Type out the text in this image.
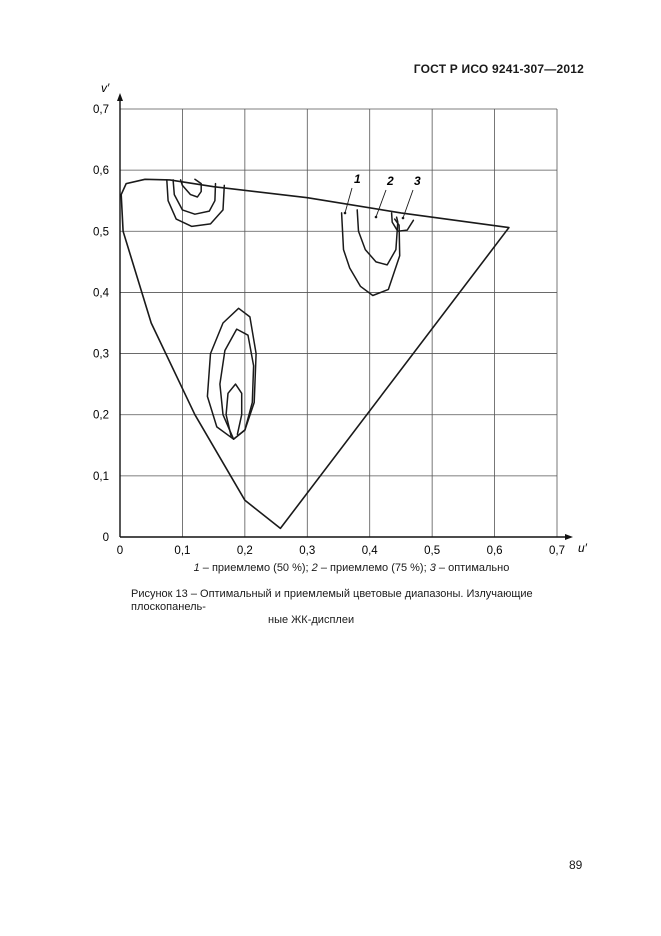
ГОСТ Р ИСО 9241-307—2012
0
0,1
0,2
0,3
0,4
0,5
0,6
0,7
0	0,1	0,2	0,3	0,4	0,5	0,6	0,7
1 2 3
v′
u′
1 – приемлемо (50 %); 2 – приемлемо (75 %); 3 – оптимально
Рисунок 13 – Оптимальный и приемлемый цветовые диапазоны. Излучающие плоскопанель-
ные ЖК-дисплеи
89
